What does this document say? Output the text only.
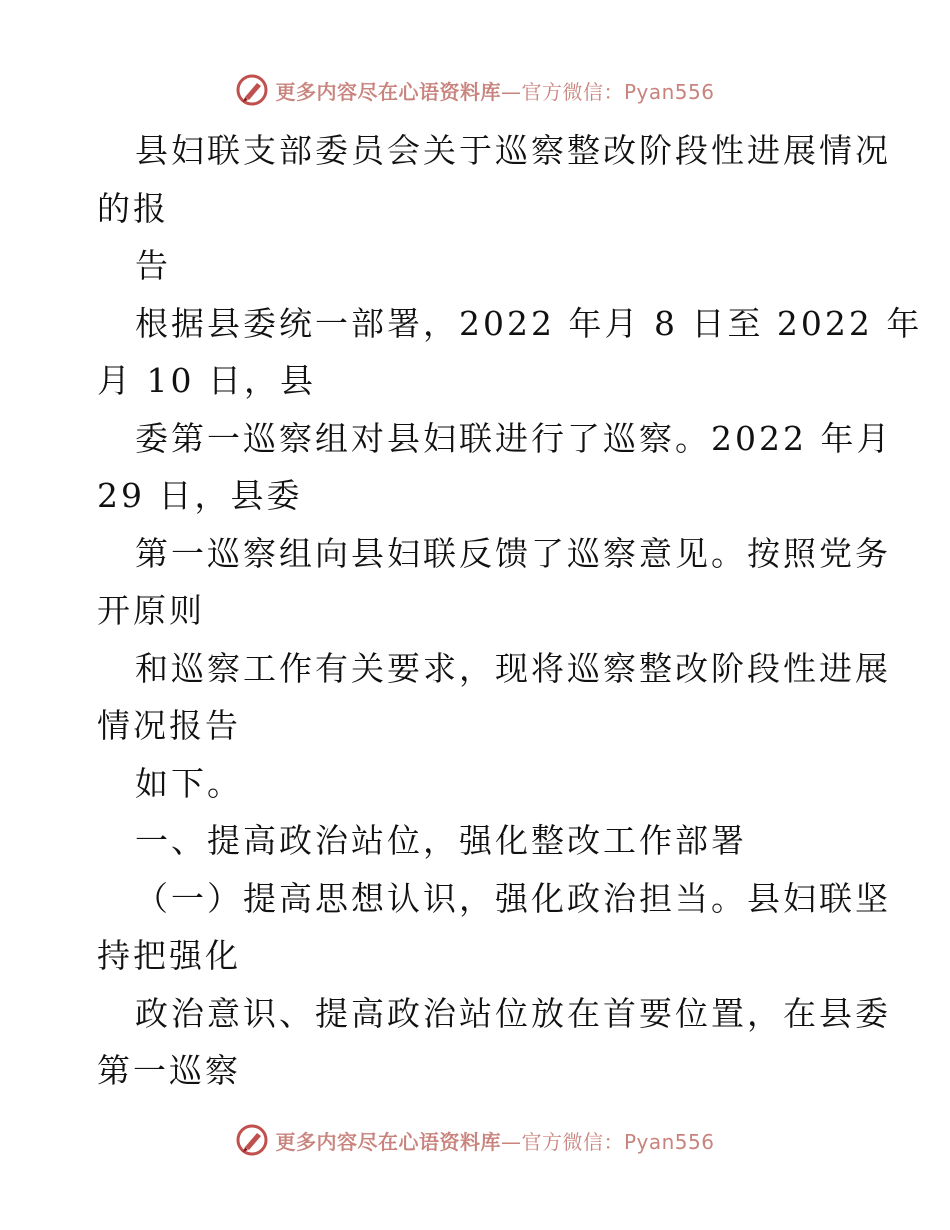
更多内容尽在心语资料库—官方微信：Pyan556
县妇联支部委员会关于巡察整改阶段性进展情况
的报
告
根据县委统一部署，2022 年月 8 日至 2022 年
月 10 日，县
委第一巡察组对县妇联进行了巡察。2022 年月
29 日，县委
第一巡察组向县妇联反馈了巡察意见。按照党务
开原则
和巡察工作有关要求，现将巡察整改阶段性进展
情况报告
如下。
一、提高政治站位，强化整改工作部署
（一）提高思想认识，强化政治担当。县妇联坚
持把强化
政治意识、提高政治站位放在首要位置，在县委
第一巡察
更多内容尽在心语资料库—官方微信：Pyan556
